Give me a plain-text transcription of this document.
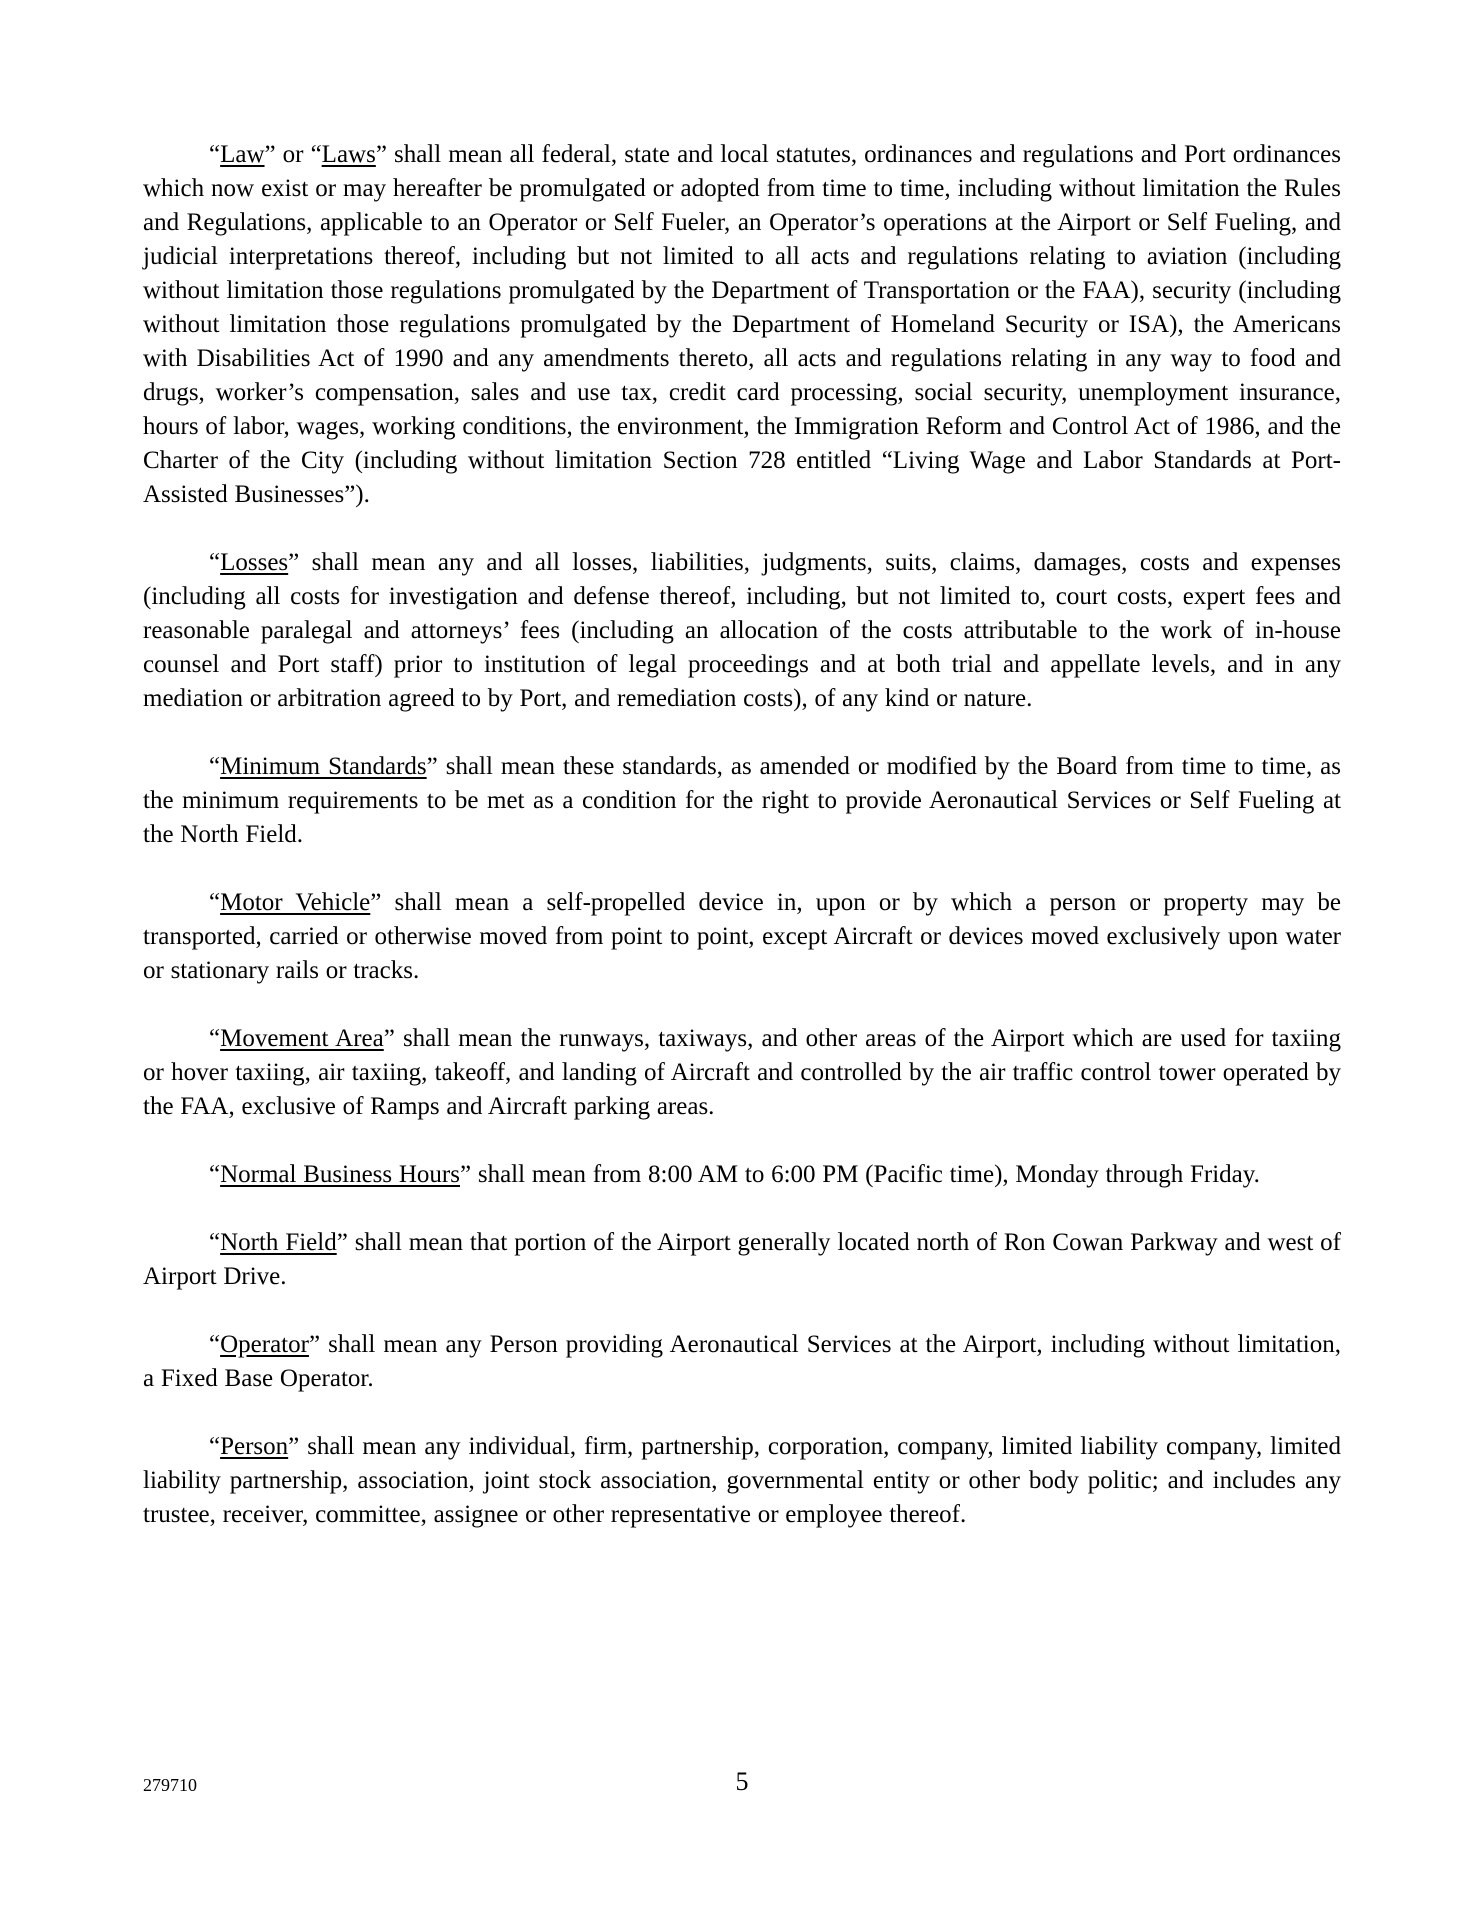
“Law” or “Laws” shall mean all federal, state and local statutes, ordinances and regulations and Port ordinances which now exist or may hereafter be promulgated or adopted from time to time, including without limitation the Rules and Regulations, applicable to an Operator or Self Fueler, an Operator’s operations at the Airport or Self Fueling, and judicial interpretations thereof, including but not limited to all acts and regulations relating to aviation (including without limitation those regulations promulgated by the Department of Transportation or the FAA), security (including without limitation those regulations promulgated by the Department of Homeland Security or ISA), the Americans with Disabilities Act of 1990 and any amendments thereto, all acts and regulations relating in any way to food and drugs, worker’s compensation, sales and use tax, credit card processing, social security, unemployment insurance, hours of labor, wages, working conditions, the environment, the Immigration Reform and Control Act of 1986, and the Charter of the City (including without limitation Section 728 entitled “Living Wage and Labor Standards at Port-Assisted Businesses”).

“Losses” shall mean any and all losses, liabilities, judgments, suits, claims, damages, costs and expenses (including all costs for investigation and defense thereof, including, but not limited to, court costs, expert fees and reasonable paralegal and attorneys’ fees (including an allocation of the costs attributable to the work of in-house counsel and Port staff) prior to institution of legal proceedings and at both trial and appellate levels, and in any mediation or arbitration agreed to by Port, and remediation costs), of any kind or nature.

“Minimum Standards” shall mean these standards, as amended or modified by the Board from time to time, as the minimum requirements to be met as a condition for the right to provide Aeronautical Services or Self Fueling at the North Field.

“Motor Vehicle” shall mean a self-propelled device in, upon or by which a person or property may be transported, carried or otherwise moved from point to point, except Aircraft or devices moved exclusively upon water or stationary rails or tracks.

“Movement Area” shall mean the runways, taxiways, and other areas of the Airport which are used for taxiing or hover taxiing, air taxiing, takeoff, and landing of Aircraft and controlled by the air traffic control tower operated by the FAA, exclusive of Ramps and Aircraft parking areas.

“Normal Business Hours” shall mean from 8:00 AM to 6:00 PM (Pacific time), Monday through Friday.

“North Field” shall mean that portion of the Airport generally located north of Ron Cowan Parkway and west of Airport Drive.

“Operator” shall mean any Person providing Aeronautical Services at the Airport, including without limitation, a Fixed Base Operator.

“Person” shall mean any individual, firm, partnership, corporation, company, limited liability company, limited liability partnership, association, joint stock association, governmental entity or other body politic; and includes any trustee, receiver, committee, assignee or other representative or employee thereof.

279710	5
